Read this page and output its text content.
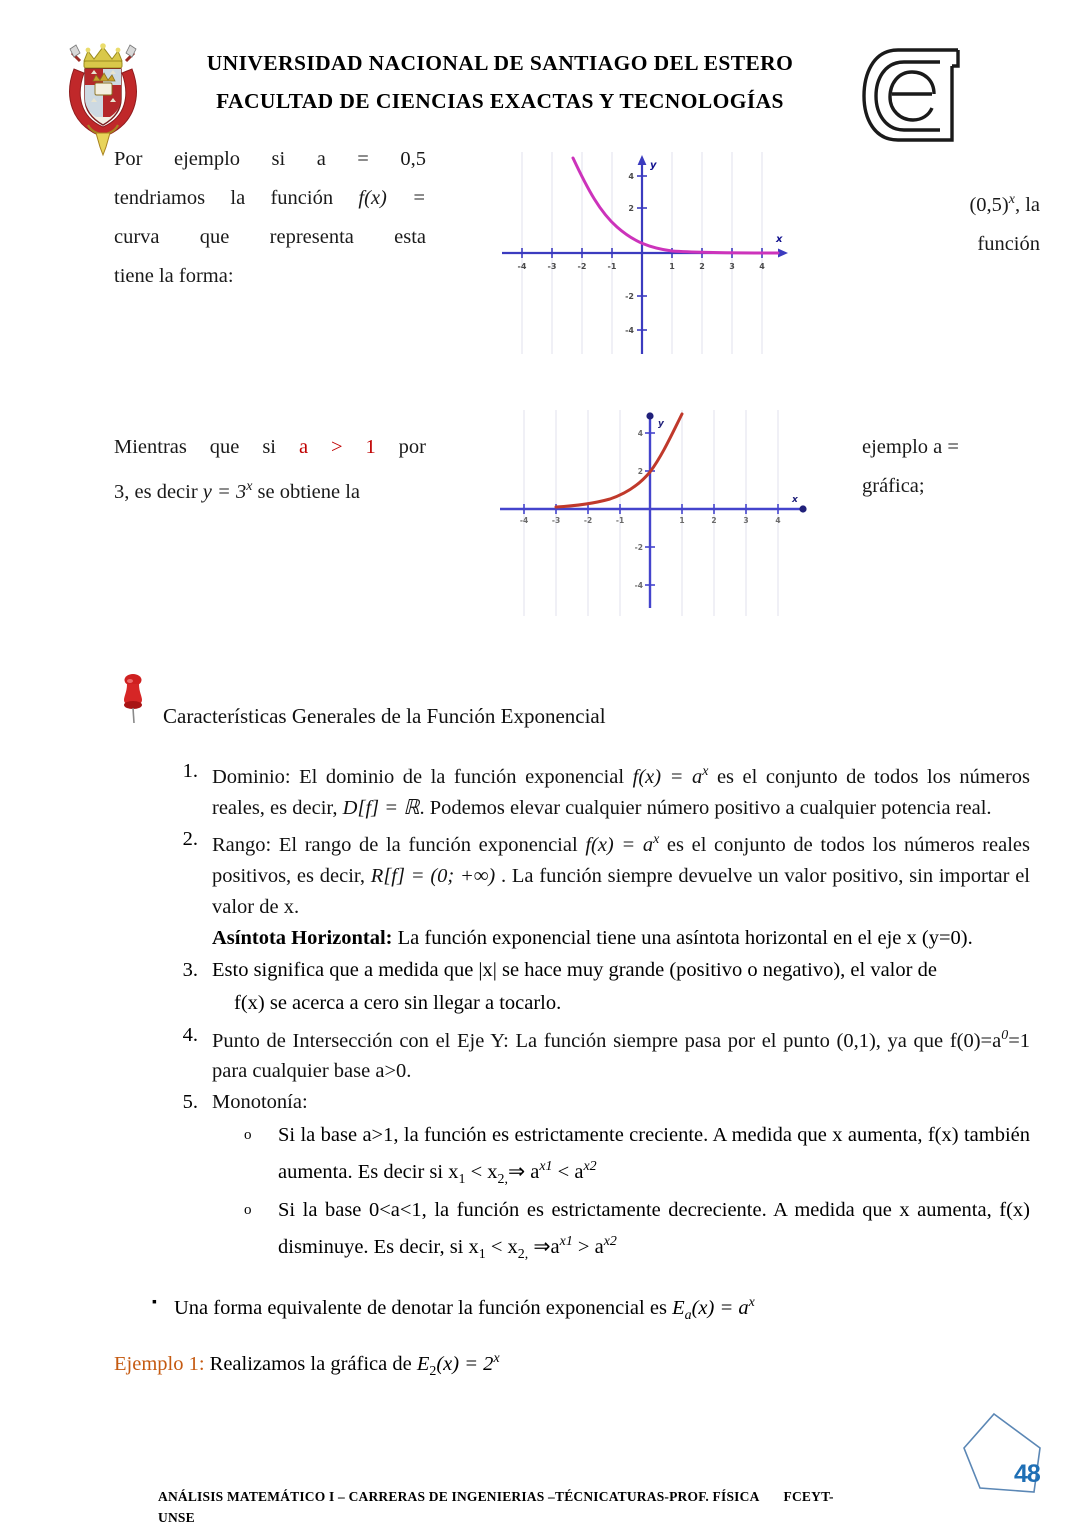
UNIVERSIDAD NACIONAL DE SANTIAGO DEL ESTERO
FACULTAD DE CIENCIAS EXACTAS Y TECNOLOGÍAS
Por ejemplo si a = 0,5
tendriamos la función f(x) =
curva que representa esta
tiene la forma:
$(0,5)^x$, la
función
-4	-3	-2	-1	1	2	3	4
4
2
-2
-4
y
x
Mientras que si a > 1 por
3, es decir $y = 3^x$ se obtiene la
ejemplo a =
gráfica;
-4	-3	-2	-1	1	2	3	4
4
2
-2
-4
y
x
Características Generales de la Función Exponencial
1. Dominio: El dominio de la función exponencial $f(x) = a^x$ es el conjunto de todos los números reales, es decir, D[f] = ℝ. Podemos elevar cualquier número positivo a cualquier potencia real.
2. Rango: El rango de la función exponencial $f(x) = a^x$ es el conjunto de todos los números reales positivos, es decir, R[f] = (0; +∞) . La función siempre devuelve un valor positivo, sin importar el valor de x.
3.
Asíntota Horizontal: La función exponencial tiene una asíntota horizontal en el eje x (y=0).
Esto significa que a medida que |x| se hace muy grande (positivo o negativo), el valor de
f(x) se acerca a cero sin llegar a tocarlo.
4. Punto de Intersección con el Eje Y: La función siempre pasa por el punto (0,1), ya que $f(0)=a^0=1$ para cualquier base a>0.
5. Monotonía:
o Si la base a>1, la función es estrictamente creciente. A medida que x aumenta, f(x) también aumenta. Es decir si $x_1$ < $x_{2,}\Rightarrow$ $a^{x1} < a^{x2}$
o Si la base 0<a<1, la función es estrictamente decreciente. A medida que x aumenta, f(x) disminuye. Es decir, si $x_1 < x_{2,}$ $\Rightarrow a^{x1} > a^{x2}$
▪ Una forma equivalente de denotar la función exponencial es $E_a(x) = a^x$
Ejemplo 1: Realizamos la gráfica de $E_2(x) = 2^x$
48
ANÁLISIS MATEMÁTICO I – CARRERAS DE INGENIERIAS –TÉCNICATURAS-PROF. FÍSICA FCEYT-
UNSE
